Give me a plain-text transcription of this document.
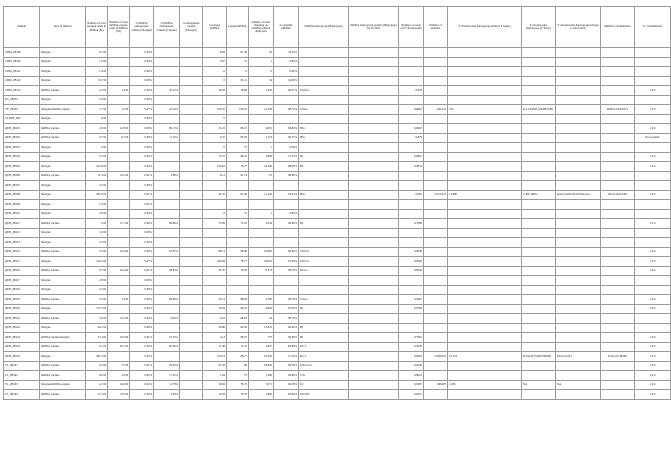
Sample	Type of method	Number of total shotgun reads in Million (M)	Number of total mtDNA capture reads in Million (M)	% mtDNA endogenous content (Shotgun)	% mtDNA endogenous content (Capture)	% endogenous content (Shotgun)	Coverage mtDNA	Length mtDNA	number of reads mapping on mtDNA without duplicates	% clonality mtDNA	mtDNA haplogroup (Haplogrep)	mtDNA haplogroup quality (Haplogrep) [v1.0] 2021	Number of reads on Y chromosome	Number of markers	Y chromosome haplogroup marker (Y fuzzy)	Y chromosome haplogroup (Y fuzzy)	Y chromosome haplogroup belongs to the branch	mtDNA contamination	Y contamination	
CDM_2B100	Shotgun	0.7 M		0.00%			8.04	61.39	18	33.33%										
CDM_2B101	Shotgun	1.6 M		0.00%			0.07	73	1	0.00%										
CDM_2B111	Shotgun	1.4 M		0.00%			0	0	0	0.00%										
CDM_2B112	Shotgun	13.7 M		0.00%			0	65.11	34	32.00%										
CDM_2B113	mtDNA capture	2.3 M	14 M	0.00%	32.15%		16.58	78.68	1,392	99.57%	U5a2a1		0.976						1-2%	
FG_2B101	Shotgun	1.6 M		0.00%																
VF_2B101	Shotgun/mtDNA capture	7.7 M	12 M	0.07%	32.19%		106.55	106.55	21,329	96.72%	U5a2a		0.9863	182,122	725	R-CTS4358 (V9AB1338)		R1B1b-M-SJ0113	1-2%	
CLDOF_2B1	Shotgun	8 M		0.00%			0													
QEB_2B101	mtDNA capture	2.6 M	12.8 M	0.00%	86.15%		23.23	86.13	4,655	99.84%	H5a		0.9603						1-2%	
QEB_2B102	mtDNA capture	3.7 M	9.7 M	0.00%	0.10%		6.37	85.93	3,153	99.75%	H5a		0.879						Not possible	
QEB_2B103	Shotgun	9 M		0.00%			0	73	1	0.00%										
QEB_2B104	Shotgun	2.5 M		0.02%			13.57	68.41	3,869	21.53%	H1		0.9810						1-2%	
QEB_2B105	Shotgun	105.6 M		0.00%			106.62	78.77	23,290	98.00%	H1		0.9833						1-2%	
QEB_2B106	mtDNA capture	11.3 M	13.2 M	0.01%	3.88%		8.11	91.74	10	99.00%										
QEB_2B107	Shotgun	2.5 M		0.00%																
QEB_2B108	Shotgun	361.6 M		0.01%			42.35	67.26	11,102	63.45%	H5a		0.965	2,519,475	13,880	L-BY-18972	Q2a1a1a2b1a2b1b1b2a1a1a...	J2a1a1a2b2-M67	1-2%	
QEB_2B109	Shotgun	1.9 M		0.01%																
QEB_2B110	Shotgun	2.9 M		0.00%			0	73	1	0.00%										
QEB_2B111	mtDNA capture	6 M	17.1 M	0.00%	69.86%		73.09	75.19	1,034	99.99%	H1		0.7608						3-1%	
QEB_2B112	Shotgun	3.2 M		0.00%																
QEB_2B113	Shotgun	2.5 M		0.00%																
QEB_2B114	mtDNA capture	2.5 M	16.4 M	0.00%	23.97%		86.13	98.46	10,895	99.69%	T2b7a1		0.9638						1-2%	
QEB_2B115	Shotgun	412.5 M		0.07%			196.29	78.77	24,619	61.58%	T2b7a1		0.9506						1-2%	
QEB_2B116	mtDNA capture	2.7 M	16.4 M	0.01%	36.83%		31.35	79.43	6,373	99.70%	K1a1a		0.8234						1-2%	
QEB_2B117	Shotgun	2.8 M		0.00%																
QEB_2B118	Shotgun	2.4 M		0.00%																
QEB_2B119	mtDNA capture	2.5 M	13 M	0.00%	69.68%		23.13	88.02	4,785	99.78%	U5a1a		0.9467						1-2%	
QEB_2B120	Shotgun	157.3 M		0.02%			33.04	69.23	8,692	65.50%	H1		0.8796						2-3%	
QEB_2B121	mtDNA capture	3.3 M	13.2 M	0.00%	6.49%		0.23	68.03	42	99.76%										
QEB_2B122	Shotgun	42.2 M		0.00%			58.86	69.59	13,823	84.40%	H1									
QEB_2B123	mtDNA capture/shotgun	17.4 M	10.9 M	0.01%	16.35%		4.13	68.57	775	99.99%	H1		0.7667						1-2%	
QEB_2B124	mtDNA capture	4.1 M	16.1 M	0.00%	65.06%		17.46	75.33	3,827	99.88%	K1c1		0.9538						1-2%	
QEB_2B125	Shotgun	291.2 M		0.02%			100.73	68.77	25,250	57.10%	K1c1		0.9618	5,936,052	19,724	R-Z2146 (Y467230029)	R1b1a1b1b1	R1b1a1b-M269	1-2%	
TL_2B101	mtDNA capture	0.2 M	37 M	0.01%	76.62%		67.32	68	18,893	99.59%	U5b1a1a1		0.9242						1-2%	
TL_2B102	mtDNA capture	6.6 M	19 M	0.02%	17.25%		1.04	73	1,260	99.60%	V35		0.8023						1-2%	
TL_2B103	Shotgun/mtDNA capture	4.1 M	16.6 M	0.02%	11.78%		16.84	78.74	7,071	99.58%	J1c		0.9597	198,687	1,036	NA	NA		1-2%	
TL_2B104	mtDNA capture	11.3 M	13.6 M	0.00%	3.39%		19.22	78.79	1,960	99.60%	X2c2b3		0.9021						1-2%	
